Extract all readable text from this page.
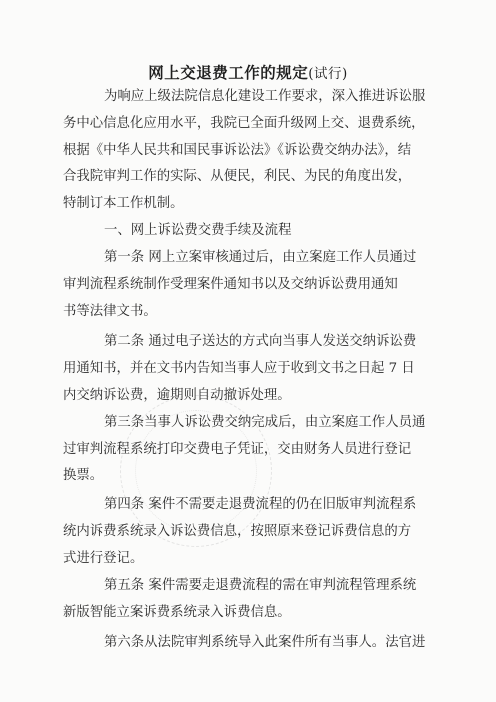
网上交退费工作的规定(试行)
为响应上级法院信息化建设工作要求，深入推进诉讼服
务中心信息化应用水平，我院已全面升级网上交、退费系统，
根据《中华人民共和国民事诉讼法》《诉讼费交纳办法》，结
合我院审判工作的实际、从便民，利民、为民的角度出发，
特制订本工作机制。
一、网上诉讼费交费手续及流程
第一条 网上立案审核通过后，由立案庭工作人员通过
审判流程系统制作受理案件通知书以及交纳诉讼费用通知
书等法律文书。
第二条 通过电子送达的方式向当事人发送交纳诉讼费
用通知书，并在文书内告知当事人应于收到文书之日起 7 日
内交纳诉讼费，逾期则自动撤诉处理。
第三条当事人诉讼费交纳完成后，由立案庭工作人员通
过审判流程系统打印交费电子凭证，交由财务人员进行登记
换票。
第四条 案件不需要走退费流程的仍在旧版审判流程系
统内诉费系统录入诉讼费信息，按照原来登记诉费信息的方
式进行登记。
第五条 案件需要走退费流程的需在审判流程管理系统
新版智能立案诉费系统录入诉费信息。
第六条从法院审判系统导入此案件所有当事人。法官进
